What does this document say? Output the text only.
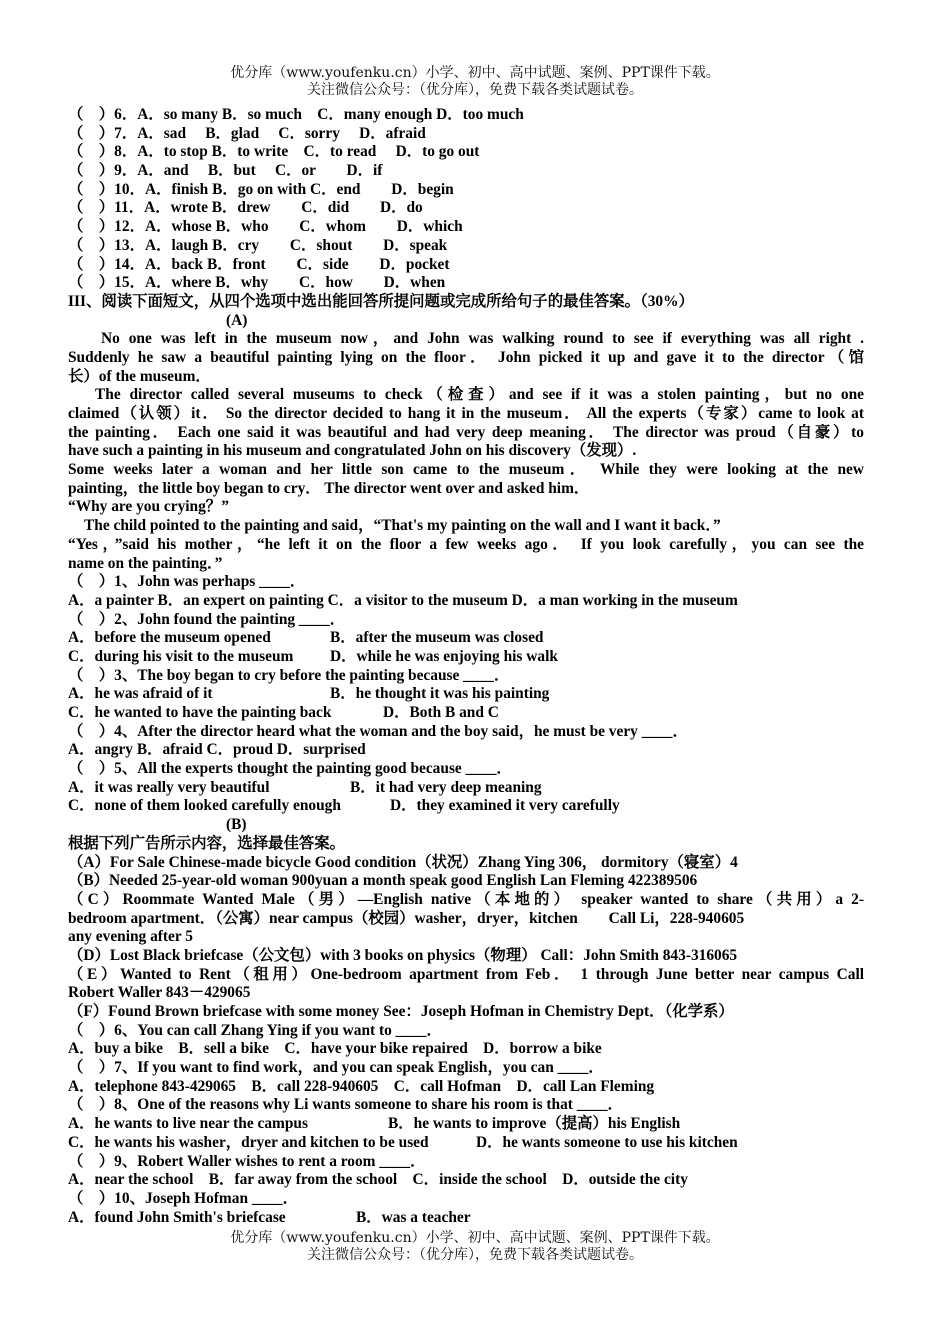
优分库（www.youfenku.cn）小学、初中、高中试题、案例、PPT课件下载。
关注微信公众号：（优分库），免费下载各类试题试卷。
（　）6．A．so many B．so much　C．many enough D．too much
（　）7．A．sad　 B．glad　 C．sorry　 D．afraid
（　）8．A．to stop B．to write　C．to read　 D．to go out
（　）9．A．and　 B．but　 C．or　　D．if
（　）10．A．finish B．go on with C．end　　D．begin
（　）11．A．wrote B．drew　　C．did　　D．do
（　）12．A．whose B．who　　C．whom　　D．which
（　）13．A．laugh B．cry　　C．shout　　D．speak
（　）14．A．back B．front　　C．side　　D．pocket
（　）15．A．where B．why　　C．how　　D．when
III、阅读下面短文，从四个选项中选出能回答所提问题或完成所给句子的最佳答案。（30%）
(A)
No one was left in the museum now，and John was walking round to see if everything was all right .
Suddenly he saw a beautiful painting lying on the floor． John picked it up and gave it to the director（馆
长）of the museum．
The director called several museums to check（检查）and see if it was a stolen painting，but no one
claimed（认领）it． So the director decided to hang it in the museum． All the experts（专家）came to look at
the painting． Each one said it was beautiful and had very deep meaning． The director was proud（自豪）to
have such a painting in his museum and congratulated John on his discovery（发现）.
Some weeks later a woman and her little son came to the museum． While they were looking at the new
painting，the little boy began to cry． The director went over and asked him．
“Why are you crying？”
The child pointed to the painting and said，“That's my painting on the wall and I want it back．”
“Yes，”said his mother，“he left it on the floor a few weeks ago． If you look carefully，you can see the
name on the painting．”
（　）1、John was perhaps ____．
A．a painter B．an expert on painting C．a visitor to the museum D．a man working in the museum
（　）2、John found the painting ____．
A．before the museum opened	B．after the museum was closed
C．during his visit to the museum D．while he was enjoying his walk
（　）3、The boy began to cry before the painting because ____．
A．he was afraid of it	B．he thought it was his painting
C．he wanted to have the painting back	D．Both B and C
（　）4、After the director heard what the woman and the boy said，he must be very ____．
A．angry B．afraid C．proud D．surprised
（　）5、All the experts thought the painting good because ____．
A．it was really very beautiful	B．it had very deep meaning
C．none of them looked carefully enough	D．they examined it very carefully
(B)
根据下列广告所示内容，选择最佳答案。
（A）For Sale Chinese-made bicycle Good condition（状况）Zhang Ying 306， dormitory（寝室）4
（B）Needed 25-year-old woman 900yuan a month speak good English Lan Fleming 422389506
（C）Roommate Wanted Male（男）—English native（本地的） speaker wanted to share（共用）a 2-
bedroom apartment．（公寓）near campus（校园）washer，dryer，kitchen　　Call Li，228-940605
any evening after 5
（D）Lost Black briefcase（公文包）with 3 books on physics（物理） Call：John Smith 843-316065
（E）Wanted to Rent（租用）One-bedroom apartment from Feb． 1 through June better near campus Call
Robert Waller 843－429065
（F）Found Brown briefcase with some money See：Joseph Hofman in Chemistry Dept．（化学系）
（　）6、You can call Zhang Ying if you want to ____．
A．buy a bike　B．sell a bike　C．have your bike repaired　D．borrow a bike
（　）7、If you want to find work，and you can speak English，you can ____．
A．telephone 843-429065　B．call 228-940605　C．call Hofman　D．call Lan Fleming
（　）8、One of the reasons why Li wants someone to share his room is that ____．
A．he wants to live near the campus	B．he wants to improve（提高）his English
C．he wants his washer，dryer and kitchen to be used	D．he wants someone to use his kitchen
（　）9、Robert Waller wishes to rent a room ____．
A．near the school　B．far away from the school　C．inside the school　D．outside the city
（　）10、Joseph Hofman ____．
A．found John Smith's briefcase	B．was a teacher
优分库（www.youfenku.cn）小学、初中、高中试题、案例、PPT课件下载。
关注微信公众号：（优分库），免费下载各类试题试卷。
